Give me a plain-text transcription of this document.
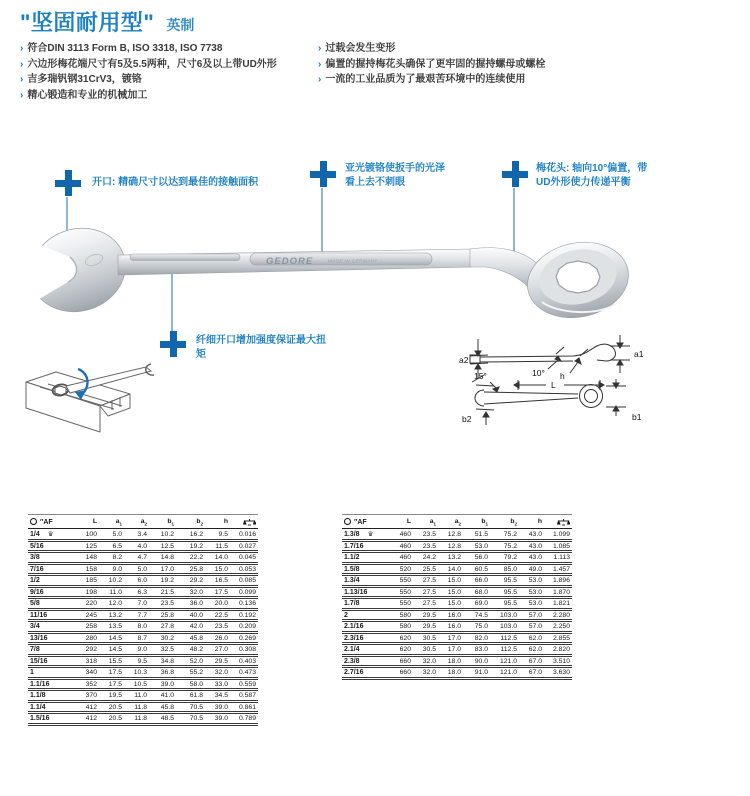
"坚固耐用型" 英制
› 符合DIN 3113 Form B, ISO 3318, ISO 7738
› 六边形梅花端尺寸有5及5.5两种，尺寸6及以上带UD外形
› 吉多瑞钒钢31CrV3，镀铬
› 精心锻造和专业的机械加工
› 过载会发生变形
› 偏置的握持梅花头确保了更牢固的握持螺母或螺栓
› 一流的工业品质为了最艰苦环境中的连续使用
开口: 精确尺寸以达到最佳的接触面积
亚光镀铬使扳手的光泽看上去不刺眼
梅花头: 轴向10°偏置，带UD外形使力传递平衡
纤细开口增加强度保证最大扭矩
GEDORE	MADE IN GERMANY
a2
a1
10° h
L
15°
b2	b1
″AF	L	$a_1$	$a_2$	$b_1$	$b_2$	h	
1/4 ♛	100	5.0	3.4	10.2	16.2	9.5	0.016
5/16	125	6.5	4.0	12.5	19.2	11.5	0.027
3/8	148	8.2	4.7	14.8	22.2	14.0	0.045
7/16	158	9.0	5.0	17.0	25.8	15.0	0.053
1/2	185	10.2	6.0	19.2	29.2	16.5	0.085
9/16	198	11.0	6.3	21.5	32.0	17.5	0.099
5/8	220	12.0	7.0	23.5	36.0	20.0	0.136
11/16	245	13.2	7.7	25.8	40.0	22.5	0.192
3/4	258	13.5	8.0	27.8	42.0	23.5	0.209
13/16	280	14.5	8.7	30.2	45.8	26.0	0.269
7/8	292	14.5	9.0	32.5	48.2	27.0	0.308
15/16	318	15.5	9.5	34.8	52.0	29.5	0.403
1	340	17.5	10.3	36.8	55.2	32.0	0.473
1.1/16	352	17.5	10.5	39.0	58.0	33.0	0.559
1.1/8	370	19.5	11.0	41.0	61.8	34.5	0.587
1.1/4	412	20.5	11.8	45.8	70.5	39.0	0.861
1.5/16	412	20.5	11.8	48.5	70.5	39.0	0.789
″AF	L	$a_1$	$a_2$	$b_1$	$b_2$	h	
1.3/8 ♛	460	23.5	12.8	51.5	75.2	43.0	1.099
1.7/16	460	23.5	12.8	53.0	75.2	43.0	1.085
1.1/2	460	24.2	13.2	56.0	79.2	43.0	1.113
1.5/8	520	25.5	14.0	60.5	85.0	49.0	1.457
1.3/4	550	27.5	15.0	66.0	95.5	53.0	1.896
1.13/16	550	27.5	15.0	68.0	95.5	53.0	1.870
1.7/8	550	27.5	15.0	69.0	95.5	53.0	1.821
2	580	29.5	16.0	74.5	103.0	57.0	2.280
2.1/16	580	29.5	16.0	75.0	103.0	57.0	2.250
2.3/16	620	30.5	17.0	82.0	112.5	62.0	2.855
2.1/4	620	30.5	17.0	83.0	112.5	62.0	2.820
2.3/8	660	32.0	18.0	90.0	121.0	67.0	3.510
2.7/16	660	32.0	18.0	91.0	121.0	67.0	3.630
